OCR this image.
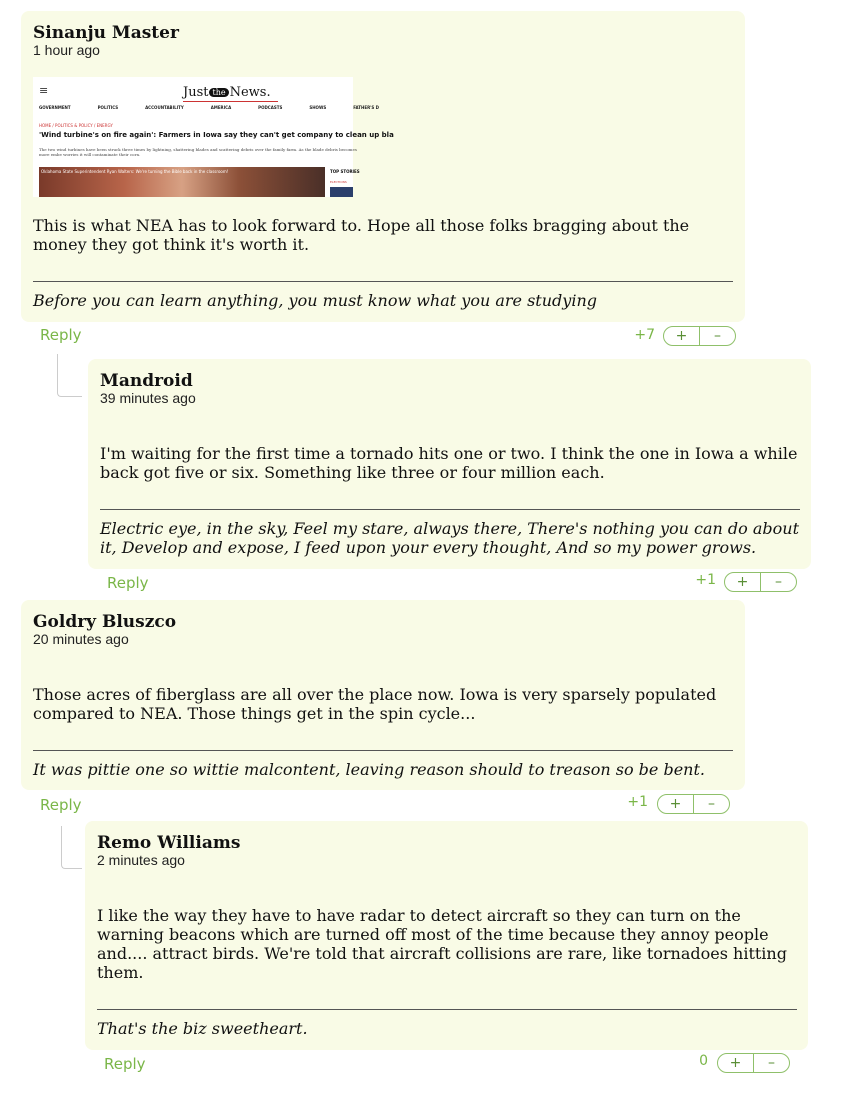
Sinanju Master
1 hour ago
≡	Just the News.
GOVERNMENT	POLITICS	ACCOUNTABILITY	AMERICA	PODCASTS	SHOWS	FATHER'S D
HOME / POLITICS & POLICY / ENERGY
'Wind turbine's on fire again': Farmers in Iowa say they can't get company to clean up bla

The two wind turbines have been struck three times by lightning, shattering blades and scattering debris over the family farm. As the blade debris becomes more embe worries it will contaminate their corn.

Oklahoma State Superintendent Ryan Walters: We're turning the Bible back in the classroom!	TOP STORIES
ELECTIONS

This is what NEA has to look forward to. Hope all those folks bragging about the money they got think it's worth it.

Before you can learn anything, you must know what you are studying

Reply	+7	+	–
Mandroid
39 minutes ago

I'm waiting for the first time a tornado hits one or two. I think the one in Iowa a while back got five or six. Something like three or four million each.

Electric eye, in the sky, Feel my stare, always there, There's nothing you can do about it, Develop and expose, I feed upon your every thought, And so my power grows.

Reply	+1	+	–
Goldry Bluszco
20 minutes ago

Those acres of fiberglass are all over the place now. Iowa is very sparsely populated compared to NEA. Those things get in the spin cycle...

It was pittie one so wittie malcontent, leaving reason should to treason so be bent.

Reply	+1	+	–
Remo Williams
2 minutes ago

I like the way they have to have radar to detect aircraft so they can turn on the warning beacons which are turned off most of the time because they annoy people and.... attract birds. We're told that aircraft collisions are rare, like tornadoes hitting them.

That's the biz sweetheart.

Reply	0	+	–
